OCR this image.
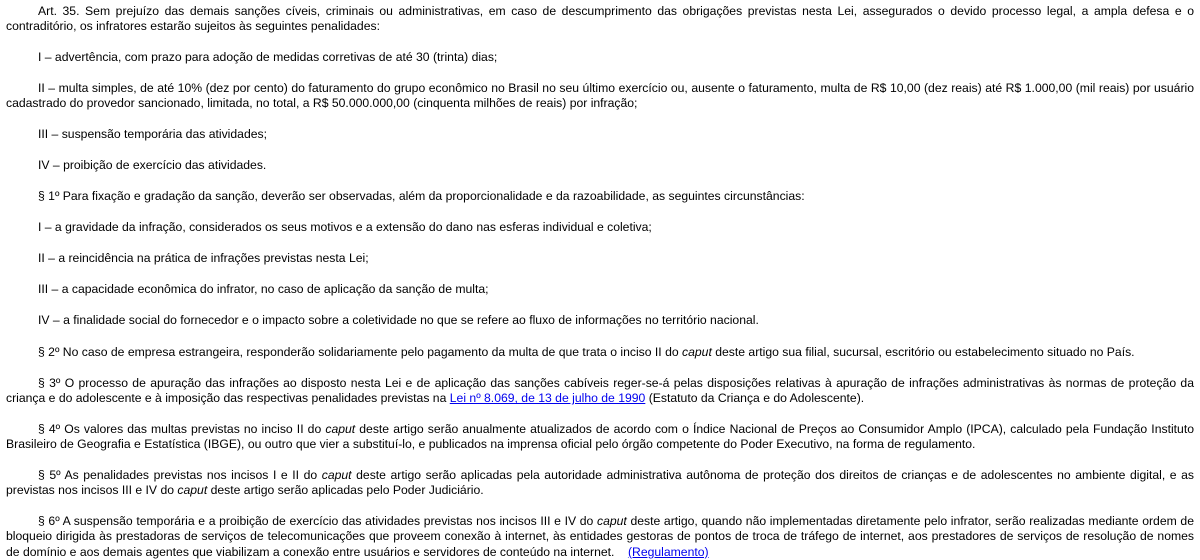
Art. 35. Sem prejuízo das demais sanções cíveis, criminais ou administrativas, em caso de descumprimento das obrigações previstas nesta Lei, assegurados o devido processo legal, a ampla defesa e o contraditório, os infratores estarão sujeitos às seguintes penalidades:

I – advertência, com prazo para adoção de medidas corretivas de até 30 (trinta) dias;

II – multa simples, de até 10% (dez por cento) do faturamento do grupo econômico no Brasil no seu último exercício ou, ausente o faturamento, multa de R$ 10,00 (dez reais) até R$ 1.000,00 (mil reais) por usuário cadastrado do provedor sancionado, limitada, no total, a R$ 50.000.000,00 (cinquenta milhões de reais) por infração;

III – suspensão temporária das atividades;

IV – proibição de exercício das atividades.

§ 1º Para fixação e gradação da sanção, deverão ser observadas, além da proporcionalidade e da razoabilidade, as seguintes circunstâncias:

I – a gravidade da infração, considerados os seus motivos e a extensão do dano nas esferas individual e coletiva;

II – a reincidência na prática de infrações previstas nesta Lei;

III – a capacidade econômica do infrator, no caso de aplicação da sanção de multa;

IV – a finalidade social do fornecedor e o impacto sobre a coletividade no que se refere ao fluxo de informações no território nacional.

§ 2º No caso de empresa estrangeira, responderão solidariamente pelo pagamento da multa de que trata o inciso II do caput deste artigo sua filial, sucursal, escritório ou estabelecimento situado no País.

§ 3º O processo de apuração das infrações ao disposto nesta Lei e de aplicação das sanções cabíveis reger-se-á pelas disposições relativas à apuração de infrações administrativas às normas de proteção da criança e do adolescente e à imposição das respectivas penalidades previstas na Lei nº 8.069, de 13 de julho de 1990 (Estatuto da Criança e do Adolescente).

§ 4º Os valores das multas previstas no inciso II do caput deste artigo serão anualmente atualizados de acordo com o Índice Nacional de Preços ao Consumidor Amplo (IPCA), calculado pela Fundação Instituto Brasileiro de Geografia e Estatística (IBGE), ou outro que vier a substituí-lo, e publicados na imprensa oficial pelo órgão competente do Poder Executivo, na forma de regulamento.

§ 5º As penalidades previstas nos incisos I e II do caput deste artigo serão aplicadas pela autoridade administrativa autônoma de proteção dos direitos de crianças e de adolescentes no ambiente digital, e as previstas nos incisos III e IV do caput deste artigo serão aplicadas pelo Poder Judiciário.

§ 6º A suspensão temporária e a proibição de exercício das atividades previstas nos incisos III e IV do caput deste artigo, quando não implementadas diretamente pelo infrator, serão realizadas mediante ordem de bloqueio dirigida às prestadoras de serviços de telecomunicações que proveem conexão à internet, às entidades gestoras de pontos de troca de tráfego de internet, aos prestadores de serviços de resolução de nomes de domínio e aos demais agentes que viabilizam a conexão entre usuários e servidores de conteúdo na internet. (Regulamento)
